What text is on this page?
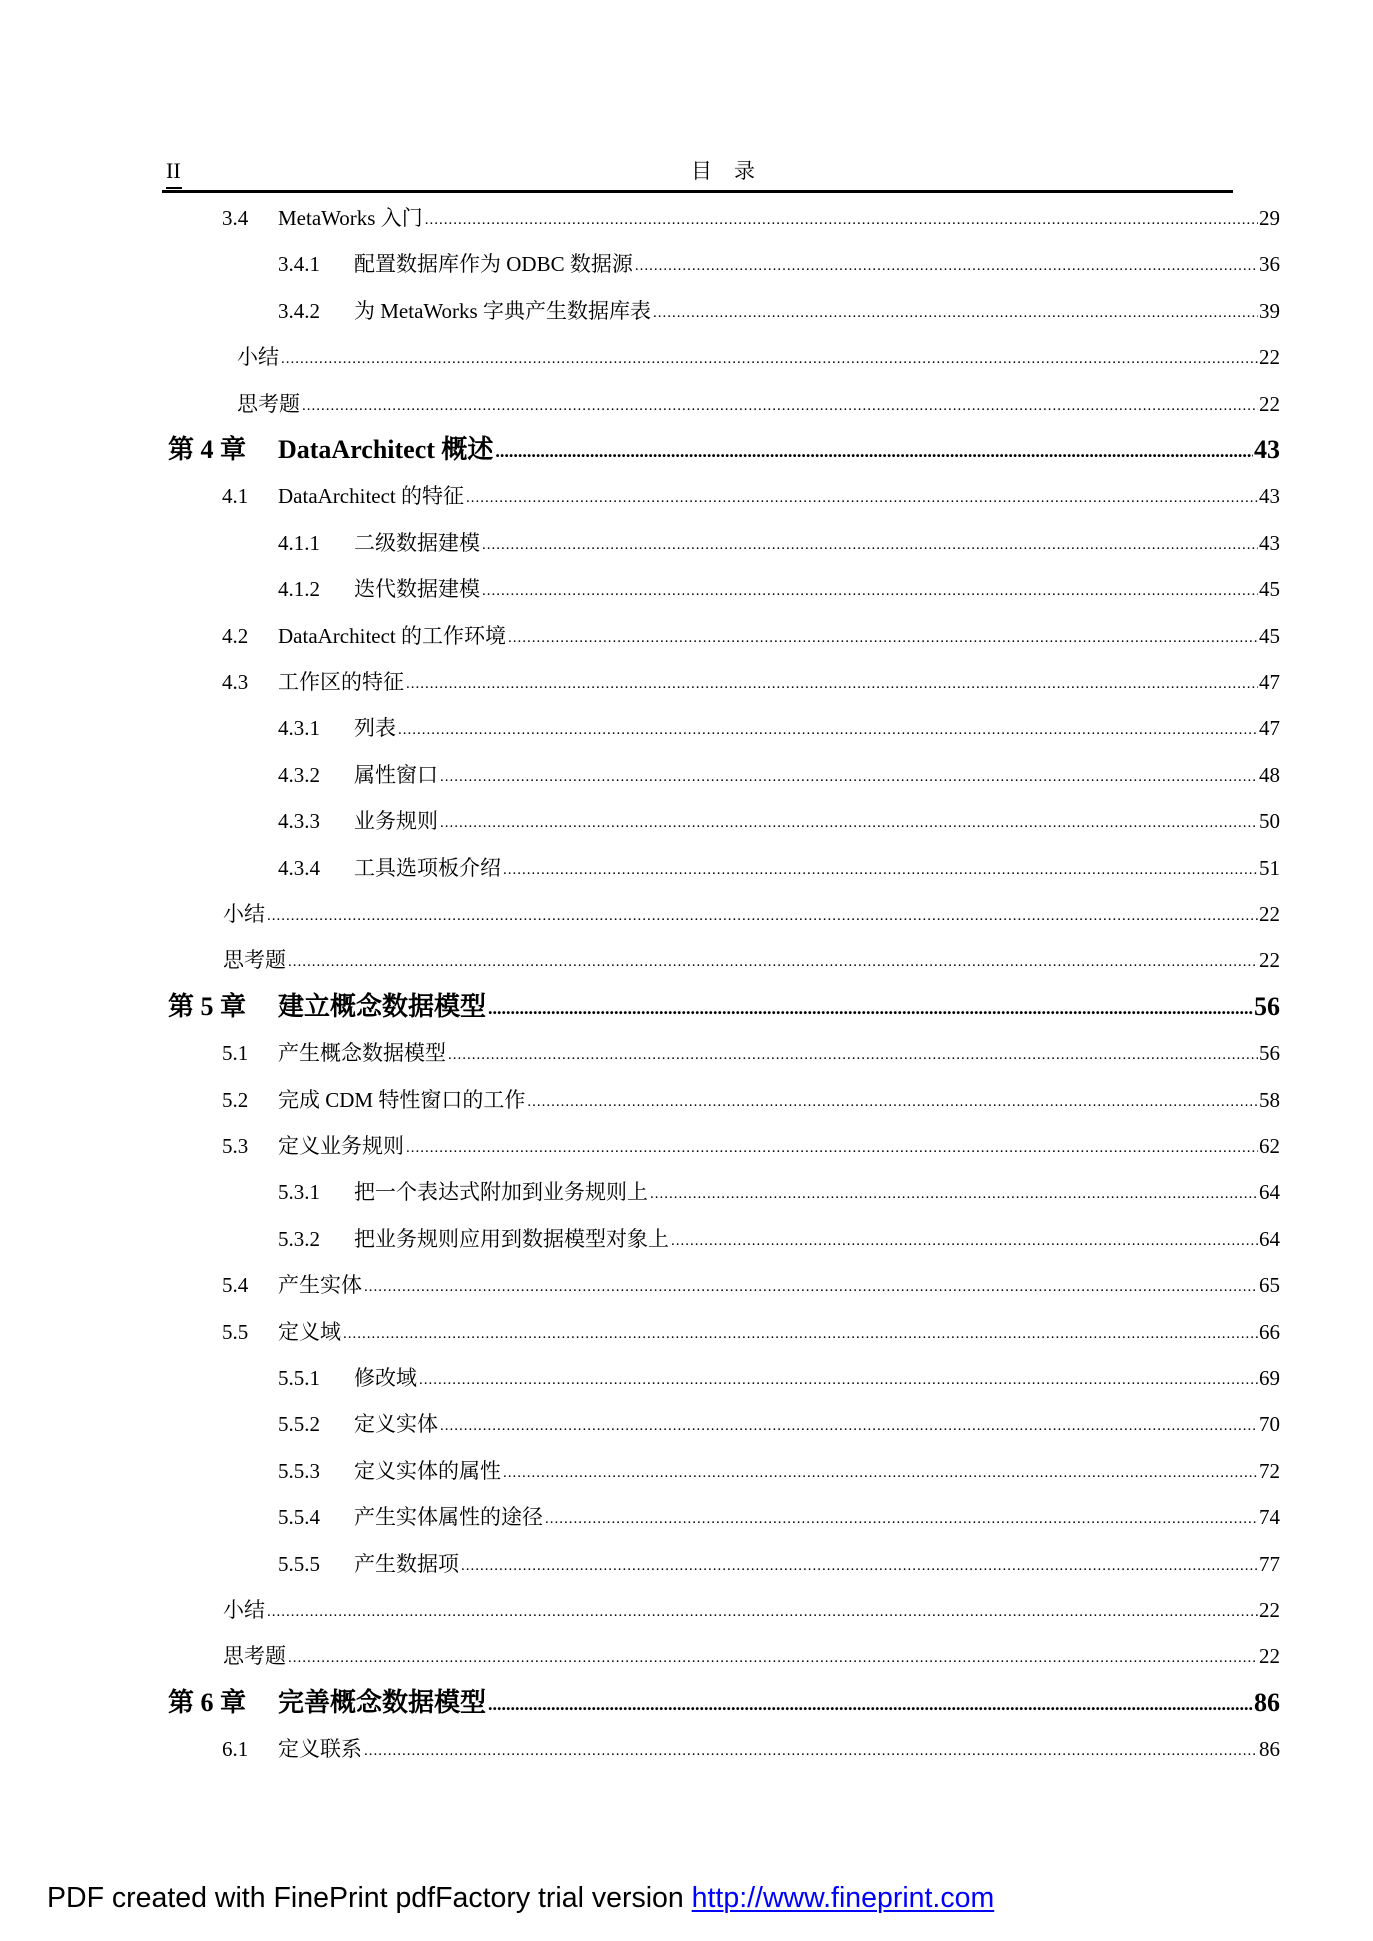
II	目录
3.4	MetaWorks 入门 .....	29
3.4.1	配置数据库作为 ODBC 数据源 .....	36
3.4.2	为 MetaWorks 字典产生数据库表 .....	39
小结 .....	22
思考题 .....	22
第 4 章	DataArchitect 概述 .....	43
4.1	DataArchitect 的特征 .....	43
4.1.1	二级数据建模 .....	43
4.1.2	迭代数据建模 .....	45
4.2	DataArchitect 的工作环境 .....	45
4.3	工作区的特征 .....	47
4.3.1	列表 .....	47
4.3.2	属性窗口 .....	48
4.3.3	业务规则 .....	50
4.3.4	工具选项板介绍 .....	51
小结 .....	22
思考题 .....	22
第 5 章	建立概念数据模型 .....	56
5.1	产生概念数据模型 .....	56
5.2	完成 CDM 特性窗口的工作 .....	58
5.3	定义业务规则 .....	62
5.3.1	把一个表达式附加到业务规则上 .....	64
5.3.2	把业务规则应用到数据模型对象上 .....	64
5.4	产生实体 .....	65
5.5	定义域 .....	66
5.5.1	修改域 .....	69
5.5.2	定义实体 .....	70
5.5.3	定义实体的属性 .....	72
5.5.4	产生实体属性的途径 .....	74
5.5.5	产生数据项 .....	77
小结 .....	22
思考题 .....	22
第 6 章	完善概念数据模型 .....	86
6.1	定义联系 .....	86
PDF created with FinePrint pdfFactory trial version http://www.fineprint.com
